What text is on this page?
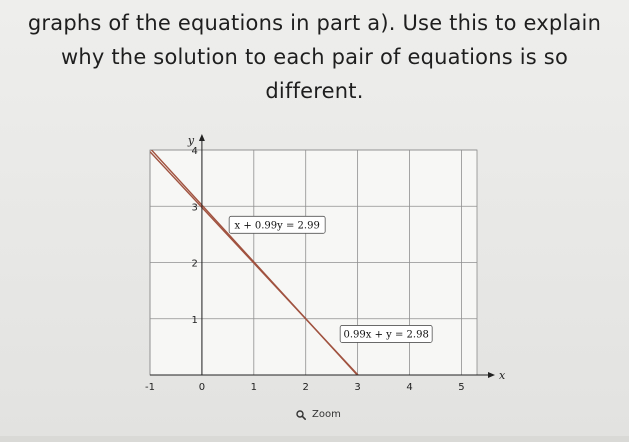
graphs of the equations in part a). Use this to explain
why the solution to each pair of equations is so
different.
x
y
-1	0	1	2	3	4	5
1
2
3
4
x + 0.99y = 2.99
0.99x + y = 2.98
Zoom
